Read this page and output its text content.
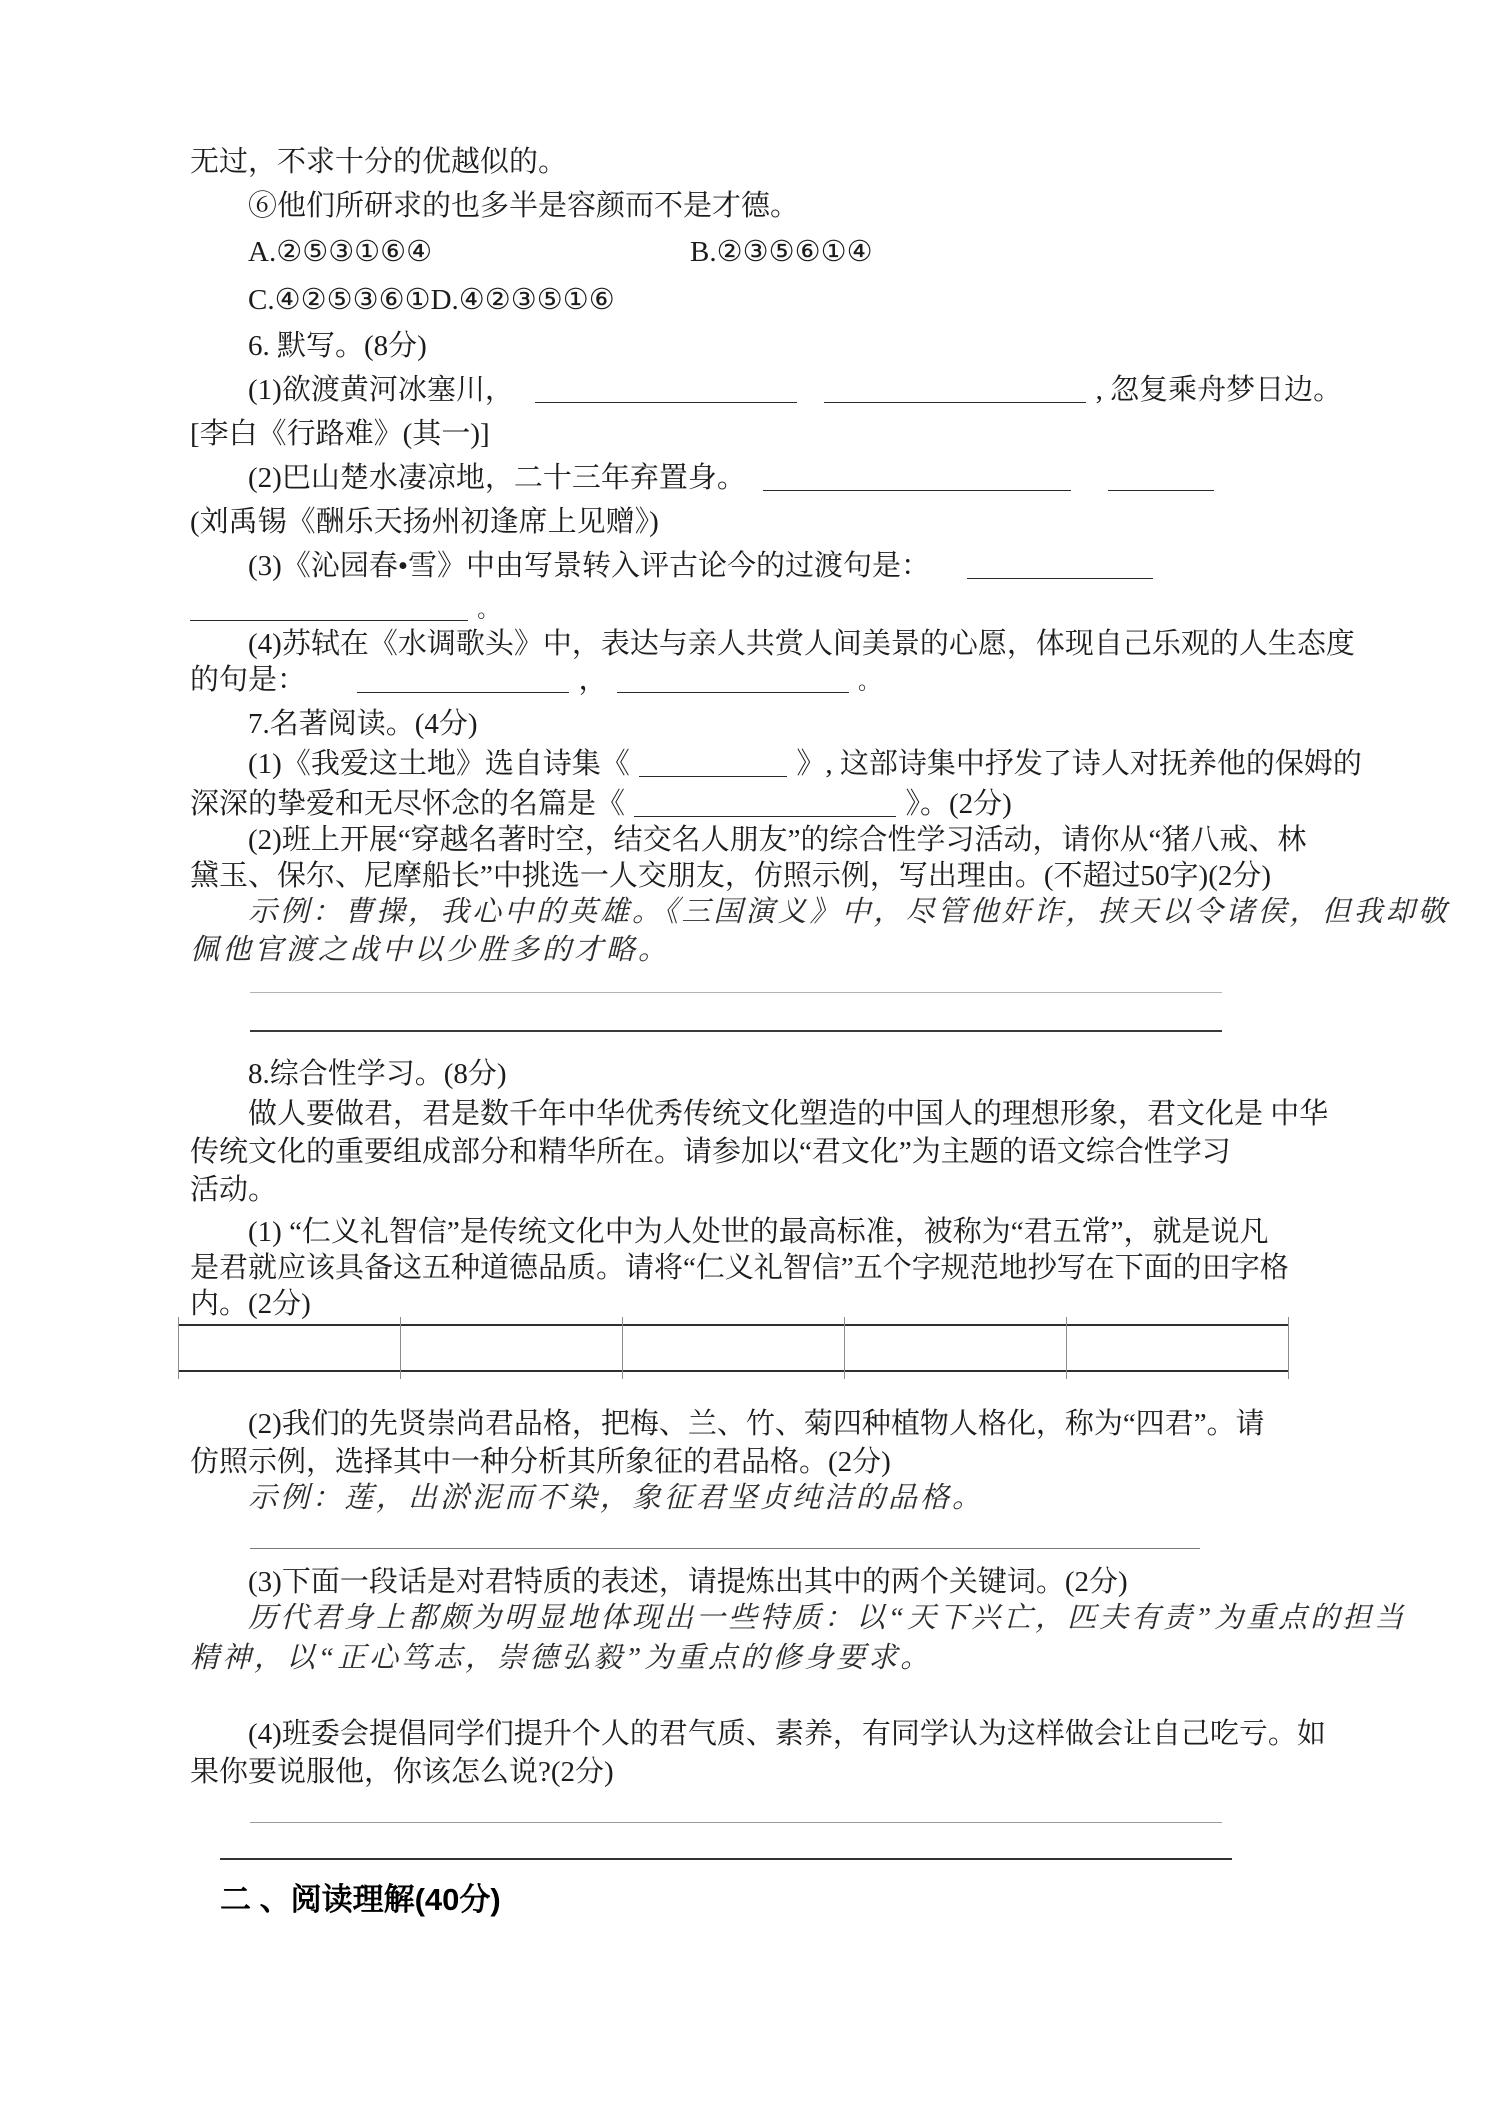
无过，不求十分的优越似的。
⑥他们所研求的也多半是容颜而不是才德。
A.②⑤③①⑥④	B.②③⑤⑥①④
C.④②⑤③⑥①D.④②③⑤①⑥
6. 默写。(8分)
(1)欲渡黄河冰塞川，	, 忽复乘舟梦日边。
[李白《行路难》(其一)]
(2)巴山楚水凄凉地，二十三年弃置身。
(刘禹锡《酬乐天扬州初逢席上见赠》)
(3)《沁园春•雪》中由写景转入评古论今的过渡句是：
。
(4)苏轼在《水调歌头》中，表达与亲人共赏人间美景的心愿，体现自己乐观的人生态度
的句是：	，	。
7.名著阅读。(4分)
(1)《我爱这土地》选自诗集《	》, 这部诗集中抒发了诗人对抚养他的保姆的
深深的挚爱和无尽怀念的名篇是《	》。(2分)
(2)班上开展“穿越名著时空，结交名人朋友”的综合性学习活动，请你从“猪八戒、林
黛玉、保尔、尼摩船长”中挑选一人交朋友，仿照示例，写出理由。(不超过50字)(2分)
示例：曹操，我心中的英雄。《三国演义》中，尽管他奸诈，挟天以令诸侯，但我却敬
佩他官渡之战中以少胜多的才略。
8.综合性学习。(8分)
做人要做君，君是数千年中华优秀传统文化塑造的中国人的理想形象，君文化是 中华
传统文化的重要组成部分和精华所在。请参加以“君文化”为主题的语文综合性学习
活动。
(1) “仁义礼智信”是传统文化中为人处世的最高标准，被称为“君五常”，就是说凡
是君就应该具备这五种道德品质。请将“仁义礼智信”五个字规范地抄写在下面的田字格
内。(2分)
(2)我们的先贤崇尚君品格，把梅、兰、竹、菊四种植物人格化，称为“四君”。请
仿照示例，选择其中一种分析其所象征的君品格。(2分)
示例：莲，出淤泥而不染，象征君坚贞纯洁的品格。
(3)下面一段话是对君特质的表述，请提炼出其中的两个关键词。(2分)
历代君身上都颇为明显地体现出一些特质：以“天下兴亡，匹夫有责”为重点的担当
精神，以“正心笃志，崇德弘毅”为重点的修身要求。
(4)班委会提倡同学们提升个人的君气质、素养，有同学认为这样做会让自己吃亏。如
果你要说服他，你该怎么说?(2分)
二 、阅读理解(40分)
